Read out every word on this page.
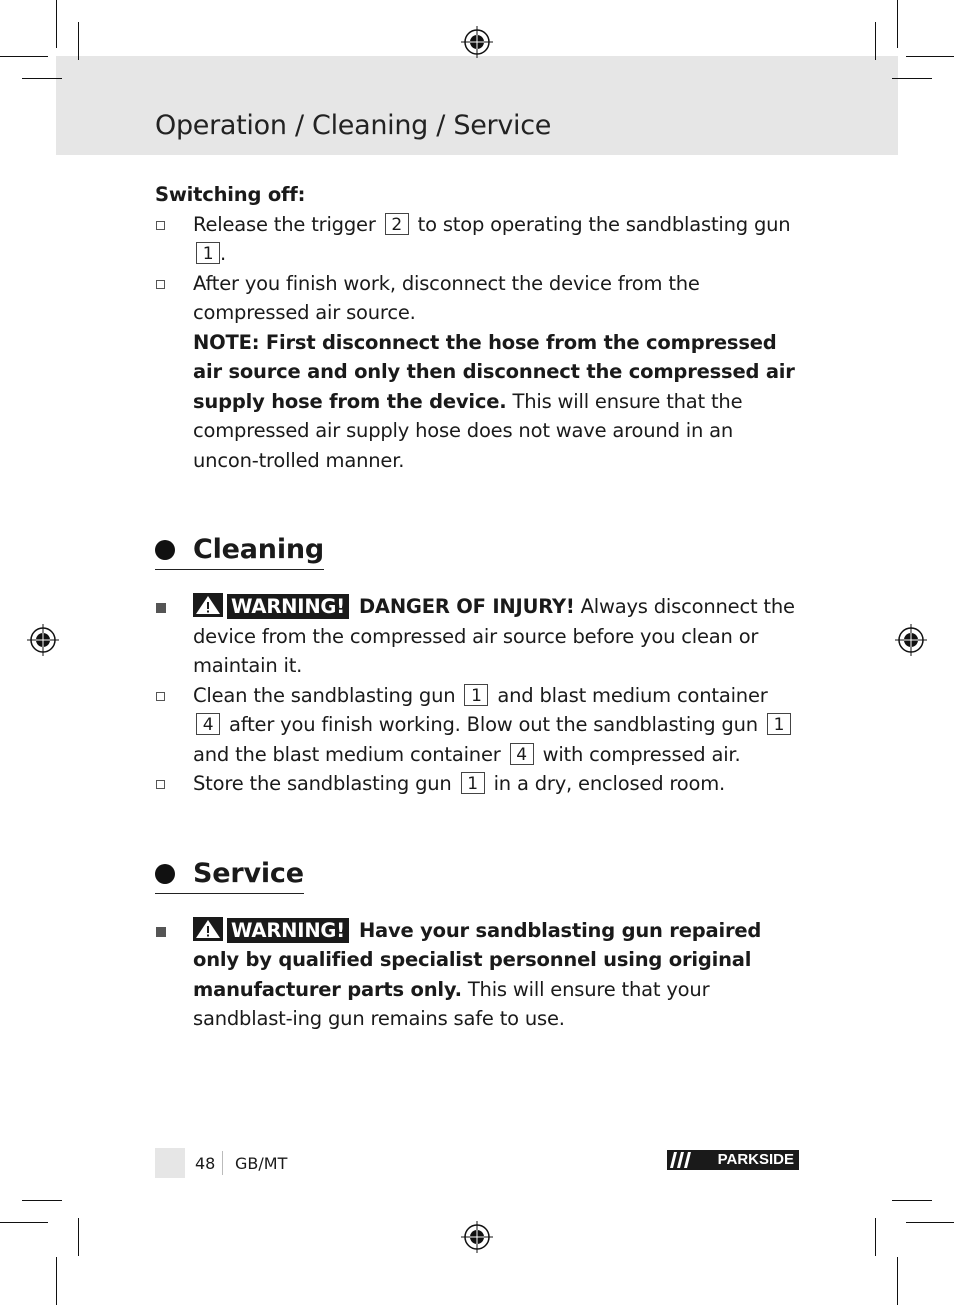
Operation / Cleaning / Service

Switching off:

Release the trigger 2 to stop operating the sandblasting gun 1 .
After you finish work, disconnect the device from the compressed air source.

NOTE: First disconnect the hose from the compressed air source and only then disconnect the compressed air supply hose from the device. This will ensure that the compressed air supply hose does not wave around in an uncon-trolled manner.

Cleaning
WARNING! DANGER OF INJURY! Always disconnect the device from the compressed air source before you clean or maintain it.
Clean the sandblasting gun 1 and blast medium container 4 after you finish working. Blow out the sandblasting gun 1 and the blast medium container 4 with compressed air.
Store the sandblasting gun 1 in a dry, enclosed room.
Service
WARNING! Have your sandblasting gun repaired only by qualified specialist personnel using original manufacturer parts only. This will ensure that your sandblast-ing gun remains safe to use.
48 GB/MT	PARKSIDE
